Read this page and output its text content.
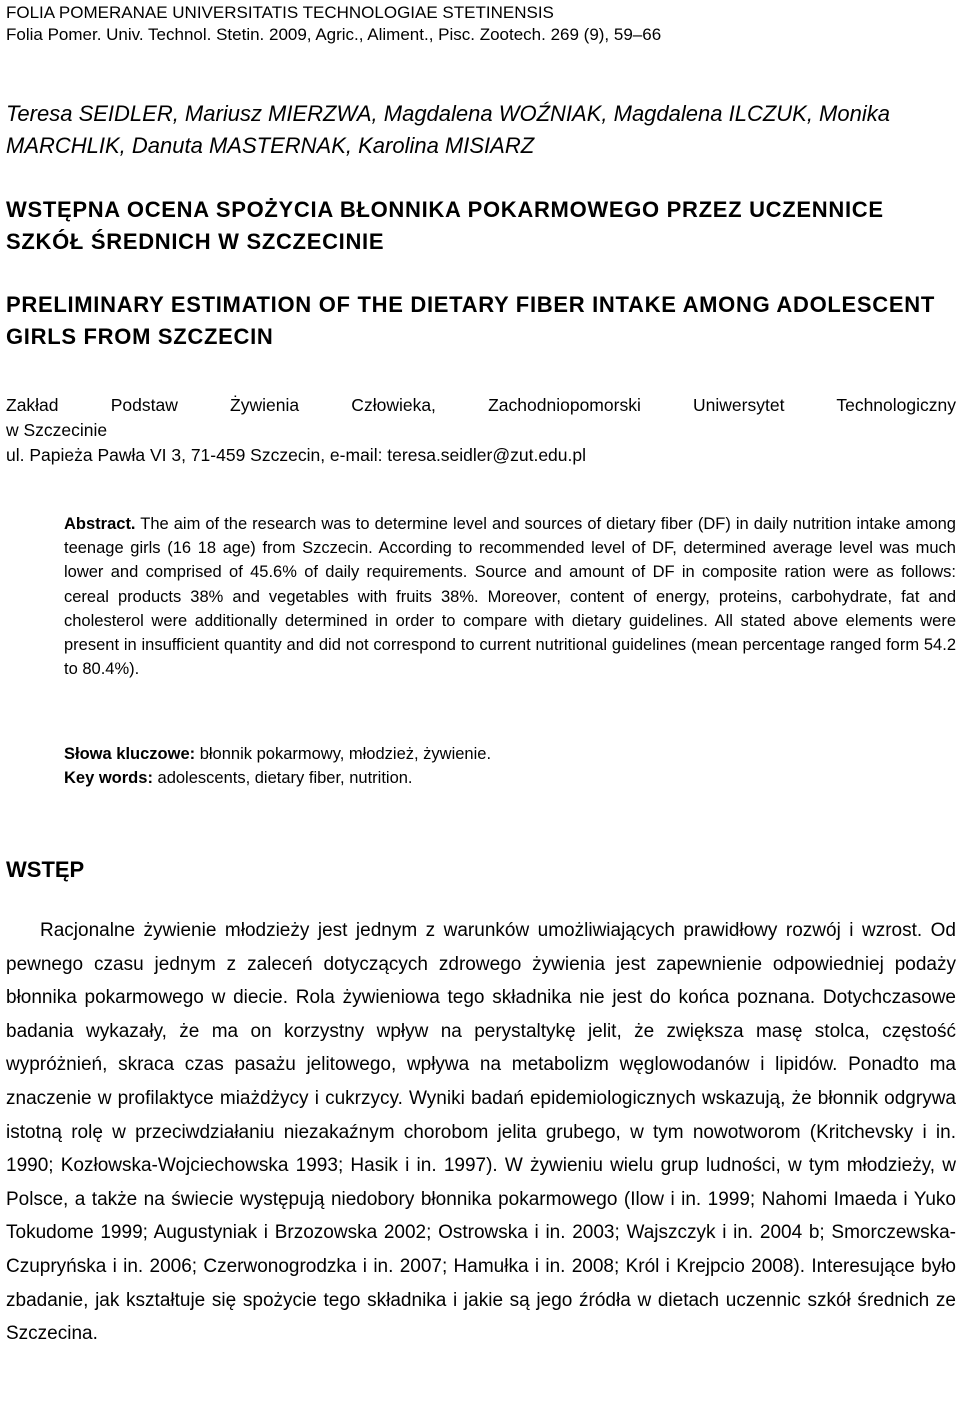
FOLIA POMERANAE UNIVERSITATIS TECHNOLOGIAE STETINENSIS
Folia Pomer. Univ. Technol. Stetin. 2009, Agric., Aliment., Pisc. Zootech. 269 (9), 59–66
Teresa SEIDLER, Mariusz MIERZWA, Magdalena WOŹNIAK, Magdalena ILCZUK, Monika MARCHLIK, Danuta MASTERNAK, Karolina MISIARZ
WSTĘPNA OCENA SPOŻYCIA BŁONNIKA POKARMOWEGO PRZEZ UCZENNICE SZKÓŁ ŚREDNICH W SZCZECINIE
PRELIMINARY ESTIMATION OF THE DIETARY FIBER INTAKE AMONG ADOLESCENT GIRLS FROM SZCZECIN
Zakład Podstaw Żywienia Człowieka, Zachodniopomorski Uniwersytet Technologiczny
w Szczecinie
ul. Papieża Pawła VI 3, 71-459 Szczecin, e-mail: teresa.seidler@zut.edu.pl
Abstract. The aim of the research was to determine level and sources of dietary fiber (DF) in daily nutrition intake among teenage girls (16 18 age) from Szczecin. According to recommended level of DF, determined average level was much lower and comprised of 45.6% of daily requirements. Source and amount of DF in composite ration were as follows: cereal products 38% and vegetables with fruits 38%. Moreover, content of energy, proteins, carbohydrate, fat and cholesterol were additionally determined in order to compare with dietary guidelines. All stated above elements were present in insufficient quantity and did not correspond to current nutritional guidelines (mean percentage ranged form 54.2 to 80.4%).
Słowa kluczowe: błonnik pokarmowy, młodzież, żywienie.
Key words: adolescents, dietary fiber, nutrition.
WSTĘP
Racjonalne żywienie młodzieży jest jednym z warunków umożliwiających prawidłowy rozwój i wzrost. Od pewnego czasu jednym z zaleceń dotyczących zdrowego żywienia jest zapewnienie odpowiedniej podaży błonnika pokarmowego w diecie. Rola żywieniowa tego składnika nie jest do końca poznana. Dotychczasowe badania wykazały, że ma on korzystny wpływ na perystaltykę jelit, że zwiększa masę stolca, częstość wypróżnień, skraca czas pasażu jelitowego, wpływa na metabolizm węglowodanów i lipidów. Ponadto ma znaczenie w profilaktyce miażdżycy i cukrzycy. Wyniki badań epidemiologicznych wskazują, że błonnik odgrywa istotną rolę w przeciwdziałaniu niezakaźnym chorobom jelita grubego, w tym nowotworom (Kritchevsky i in. 1990; Kozłowska-Wojciechowska 1993; Hasik i in. 1997). W żywieniu wielu grup ludności, w tym młodzieży, w Polsce, a także na świecie występują niedobory błonnika pokarmowego (Ilow i in. 1999; Nahomi Imaeda i Yuko Tokudome 1999; Augustyniak i Brzozowska 2002; Ostrowska i in. 2003; Wajszczyk i in. 2004 b; Smorczewska-Czupryńska i in. 2006; Czerwonogrodzka i in. 2007; Hamułka i in. 2008; Król i Krejpcio 2008). Interesujące było zbadanie, jak kształtuje się spożycie tego składnika i jakie są jego źródła w dietach uczennic szkół średnich ze Szczecina.
